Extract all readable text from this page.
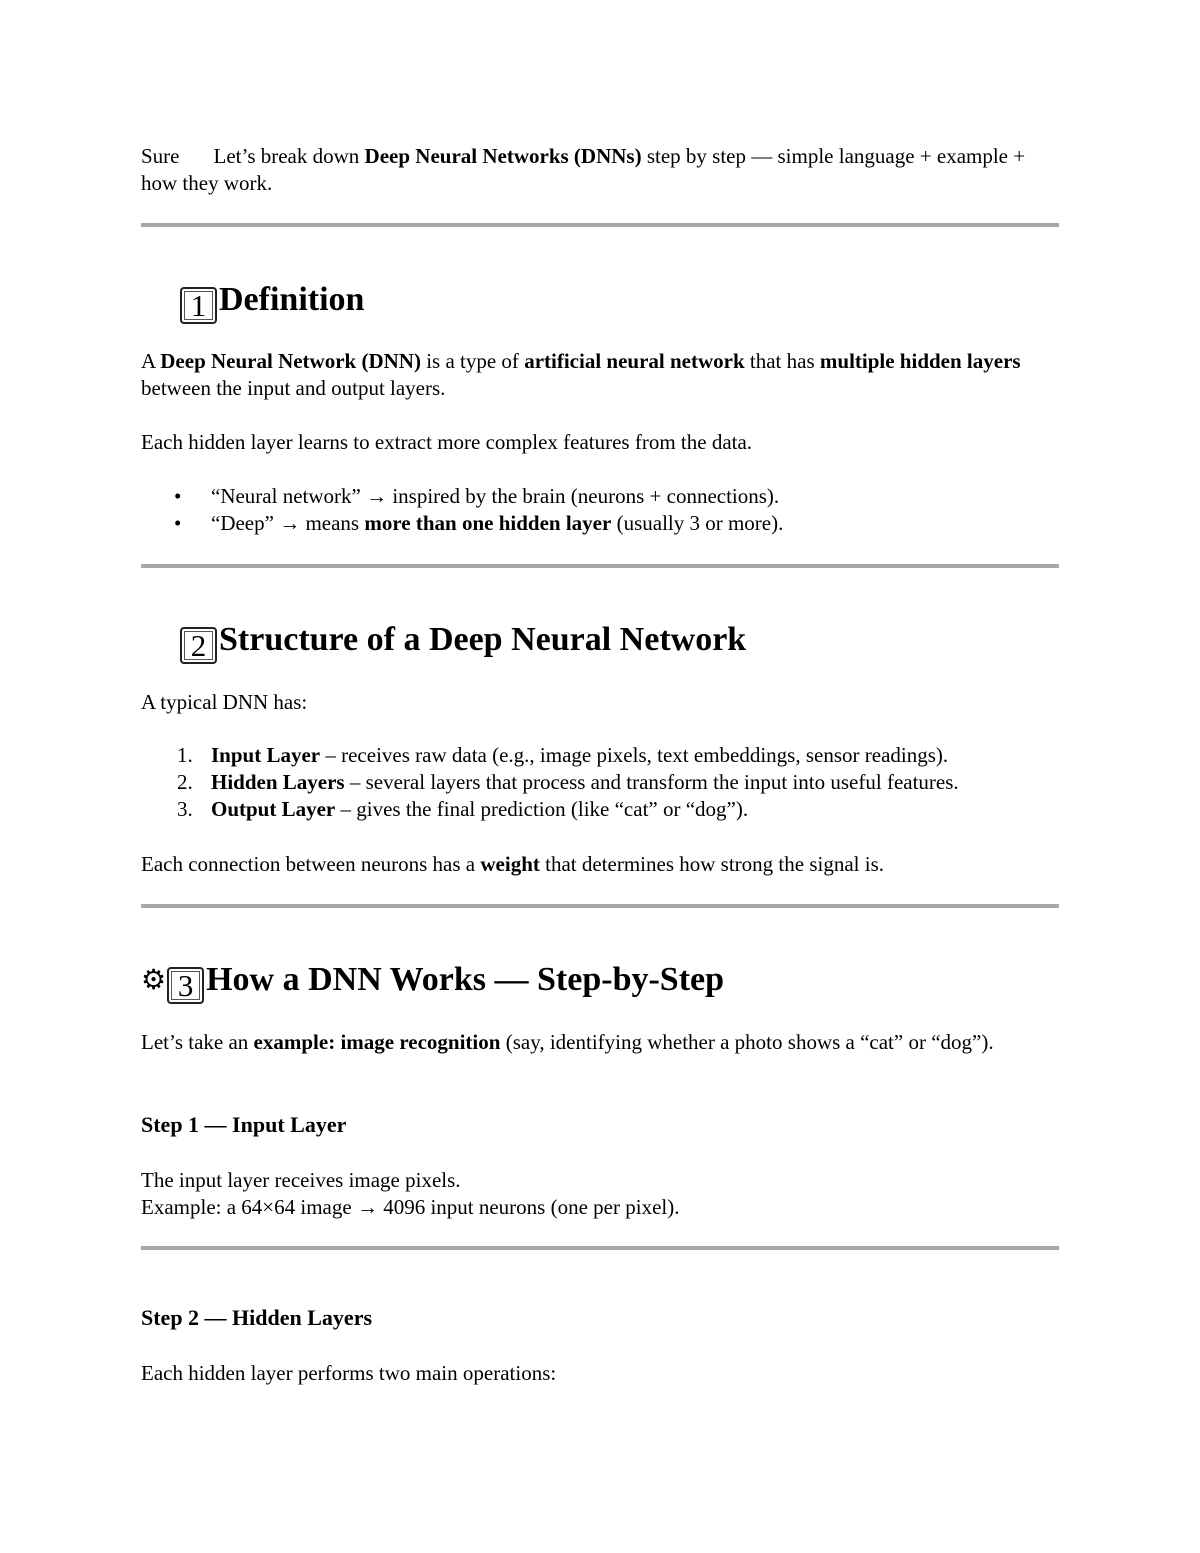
Sure Let’s break down Deep Neural Networks (DNNs) step by step — simple language + example + how they work.

1 Definition

A Deep Neural Network (DNN) is a type of artificial neural network that has multiple hidden layers between the input and output layers.

Each hidden layer learns to extract more complex features from the data.

• “Neural network” → inspired by the brain (neurons + connections).
• “Deep” → means more than one hidden layer (usually 3 or more).
2 Structure of a Deep Neural Network

A typical DNN has:

1. Input Layer – receives raw data (e.g., image pixels, text embeddings, sensor readings).
2. Hidden Layers – several layers that process and transform the input into useful features.
3. Output Layer – gives the final prediction (like “cat” or “dog”).

Each connection between neurons has a weight that determines how strong the signal is.

⚙ 3 How a DNN Works — Step-by-Step

Let’s take an example: image recognition (say, identifying whether a photo shows a “cat” or “dog”).

Step 1 — Input Layer

The input layer receives image pixels.
Example: a 64×64 image → 4096 input neurons (one per pixel).

Step 2 — Hidden Layers

Each hidden layer performs two main operations:
